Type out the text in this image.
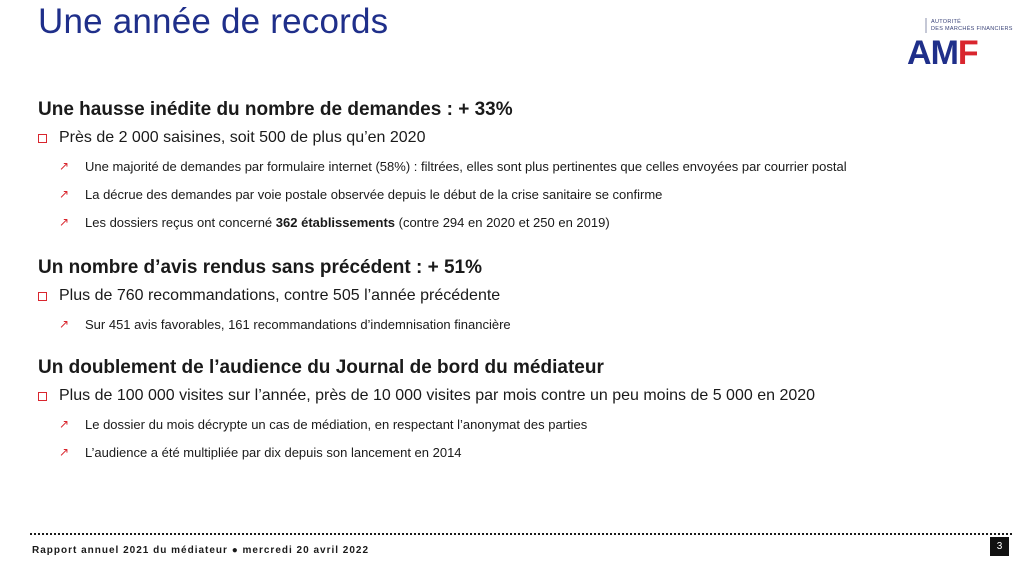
Une année de records	AUTORITÉ
DES MARCHÉS FINANCIERS
AMF
Une hausse inédite du nombre de demandes : + 33%
Près de 2 000 saisines, soit 500 de plus qu’en 2020
↗	Une majorité de demandes par formulaire internet (58%) : filtrées, elles sont plus pertinentes que celles envoyées par courrier postal
↗	La décrue des demandes par voie postale observée depuis le début de la crise sanitaire se confirme
↗	Les dossiers reçus ont concerné 362 établissements (contre 294 en 2020 et 250 en 2019)
Un nombre d’avis rendus sans précédent : + 51%
Plus de 760 recommandations, contre 505 l’année précédente
↗	Sur 451 avis favorables, 161 recommandations d’indemnisation financière
Un doublement de l’audience du Journal de bord du médiateur
Plus de 100 000 visites sur l’année, près de 10 000 visites par mois contre un peu moins de 5 000 en 2020
↗	Le dossier du mois décrypte un cas de médiation, en respectant l’anonymat des parties
↗	L’audience a été multipliée par dix depuis son lancement en 2014
Rapport annuel 2021 du médiateur ● mercredi 20 avril 2022	3
